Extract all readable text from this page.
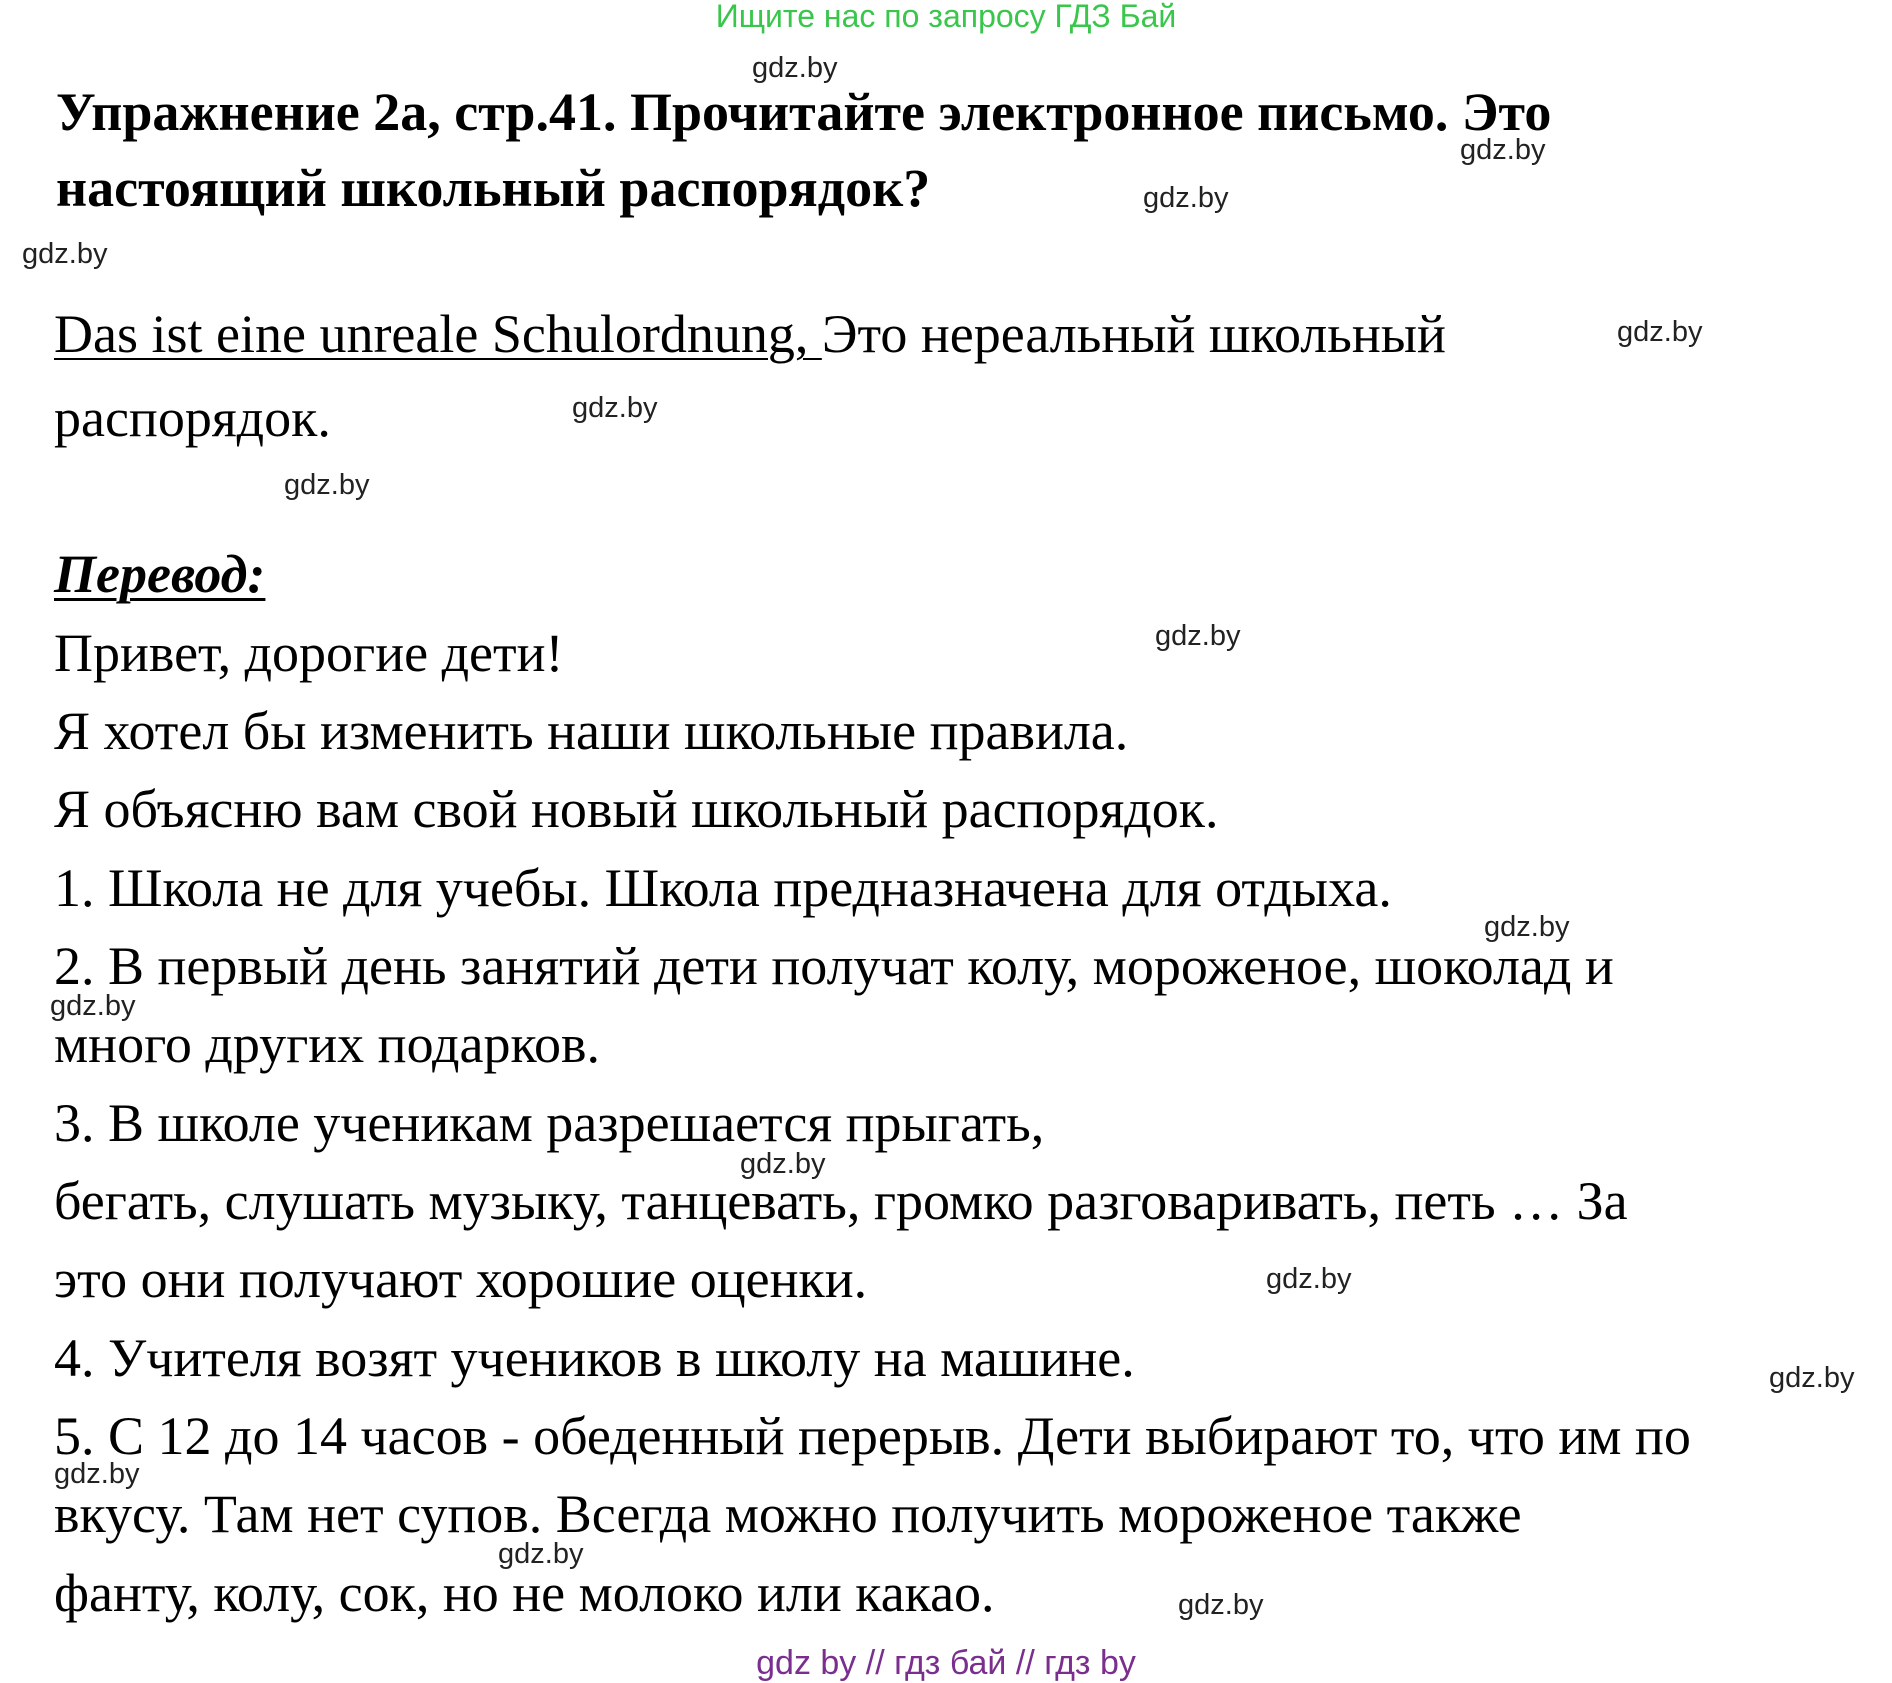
Ищите нас по запросу ГДЗ Бай
Упражнение 2а, стр.41. Прочитайте электронное письмо. Это настоящий школьный распорядок?
Das ist eine unreale Schulordnung, Это нереальный школьный
распорядок.
Перевод:
Привет, дорогие дети!
Я хотел бы изменить наши школьные правила.
Я объясню вам свой новый школьный распорядок.
1. Школа не для учебы. Школа предназначена для отдыха.
2. В первый день занятий дети получат колу, мороженое, шоколад и
много других подарков.
3. В школе ученикам разрешается прыгать,
бегать, слушать музыку, танцевать, громко разговаривать, петь … За
это они получают хорошие оценки.
4. Учителя возят учеников в школу на машине.
5. С 12 до 14 часов - обеденный перерыв. Дети выбирают то, что им по
вкусу. Там нет супов. Всегда можно получить мороженое также
фанту, колу, сок, но не молоко или какао.
gdz.by
gdz.by
gdz.by
gdz.by
gdz.by
gdz.by
gdz.by
gdz.by
gdz.by
gdz.by
gdz.by
gdz.by
gdz.by
gdz.by
gdz.by
gdz.by
gdz by // гдз бай // гдз by
